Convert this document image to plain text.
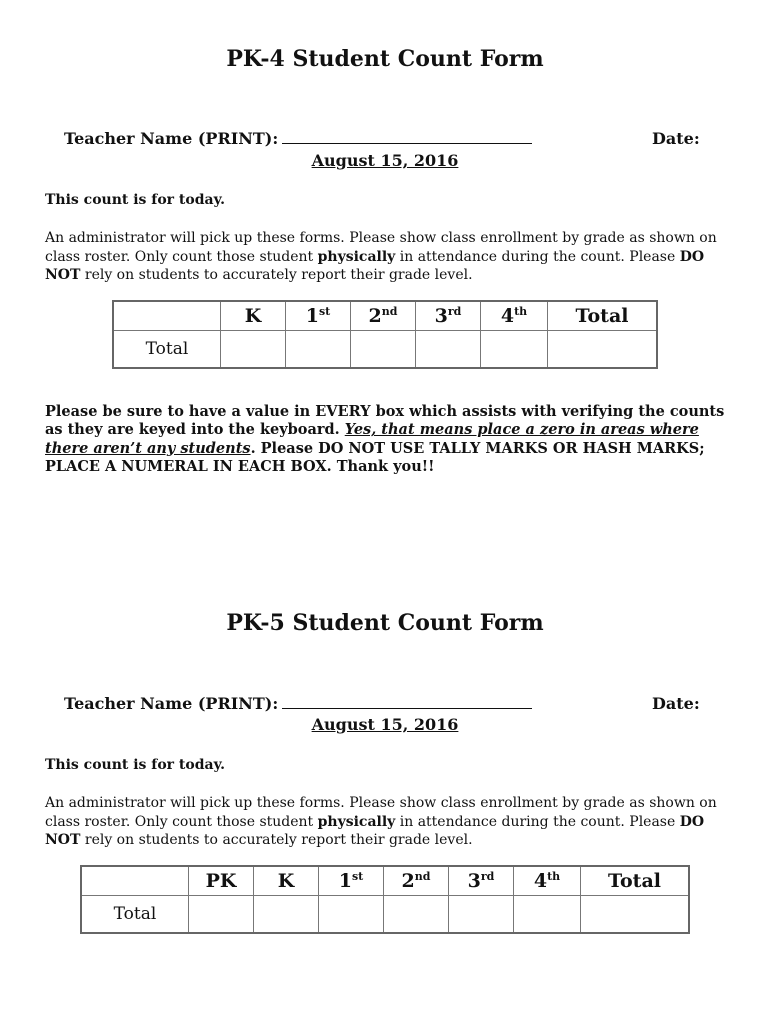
PK-4 Student Count Form
Teacher Name (PRINT):	Date:
August 15, 2016
This count is for today.
An administrator will pick up these forms. Please show class enrollment by grade as shown on class roster. Only count those student physically in attendance during the count. Please DO NOT rely on students to accurately report their grade level.
	K	1st	2nd	3rd	4th	Total
Total						
Please be sure to have a value in EVERY box which assists with verifying the counts as they are keyed into the keyboard. Yes, that means place a zero in areas where there aren’t any students. Please DO NOT USE TALLY MARKS OR HASH MARKS; PLACE A NUMERAL IN EACH BOX. Thank you!!
PK-5 Student Count Form
Teacher Name (PRINT):	Date:
August 15, 2016
This count is for today.
An administrator will pick up these forms. Please show class enrollment by grade as shown on class roster. Only count those student physically in attendance during the count. Please DO NOT rely on students to accurately report their grade level.
	PK	K	1st	2nd	3rd	4th	Total
Total							
